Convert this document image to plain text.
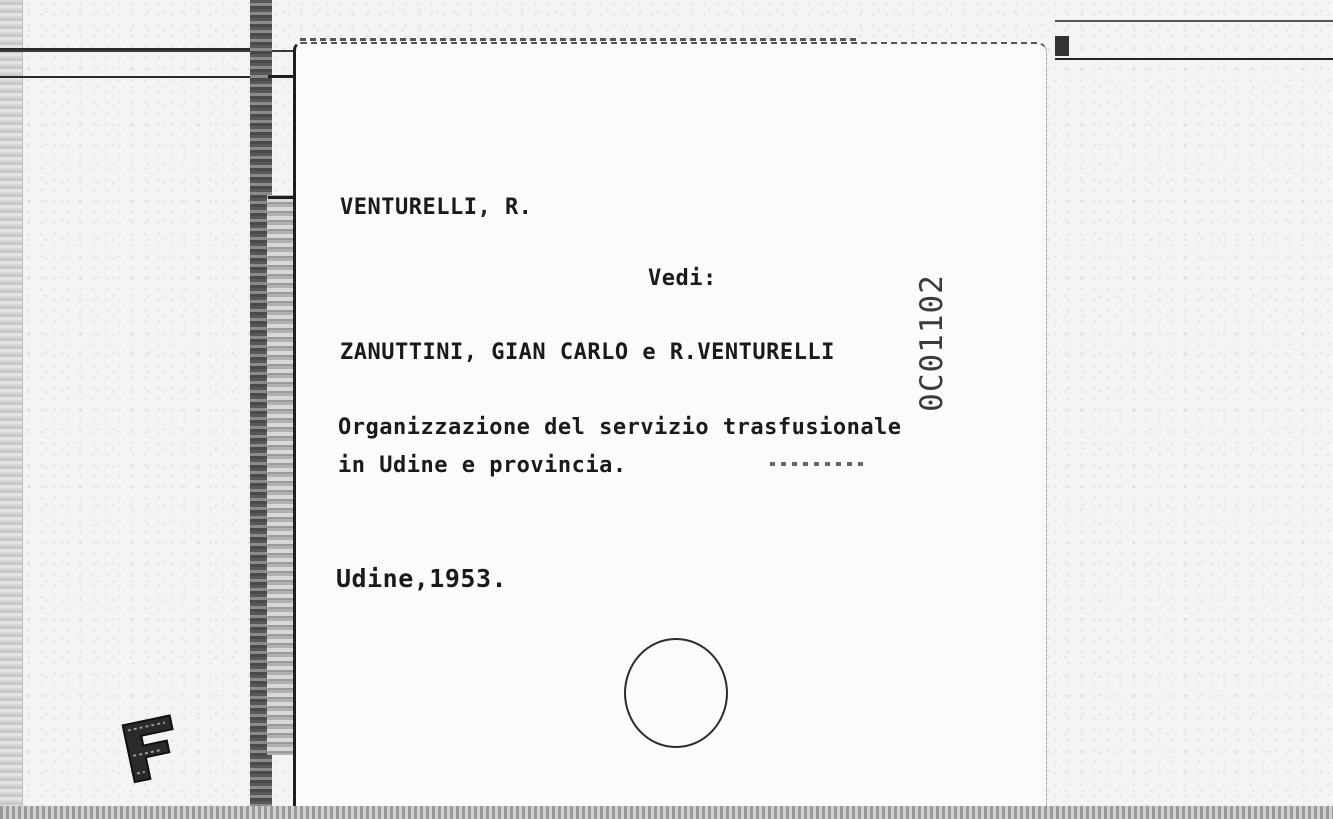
VENTURELLI, R.
Vedi:
ZANUTTINI, GIAN CARLO e R.VENTURELLI
Organizzazione del servizio trasfusionale
in Udine e provincia.
Udine,1953.
0C01102
